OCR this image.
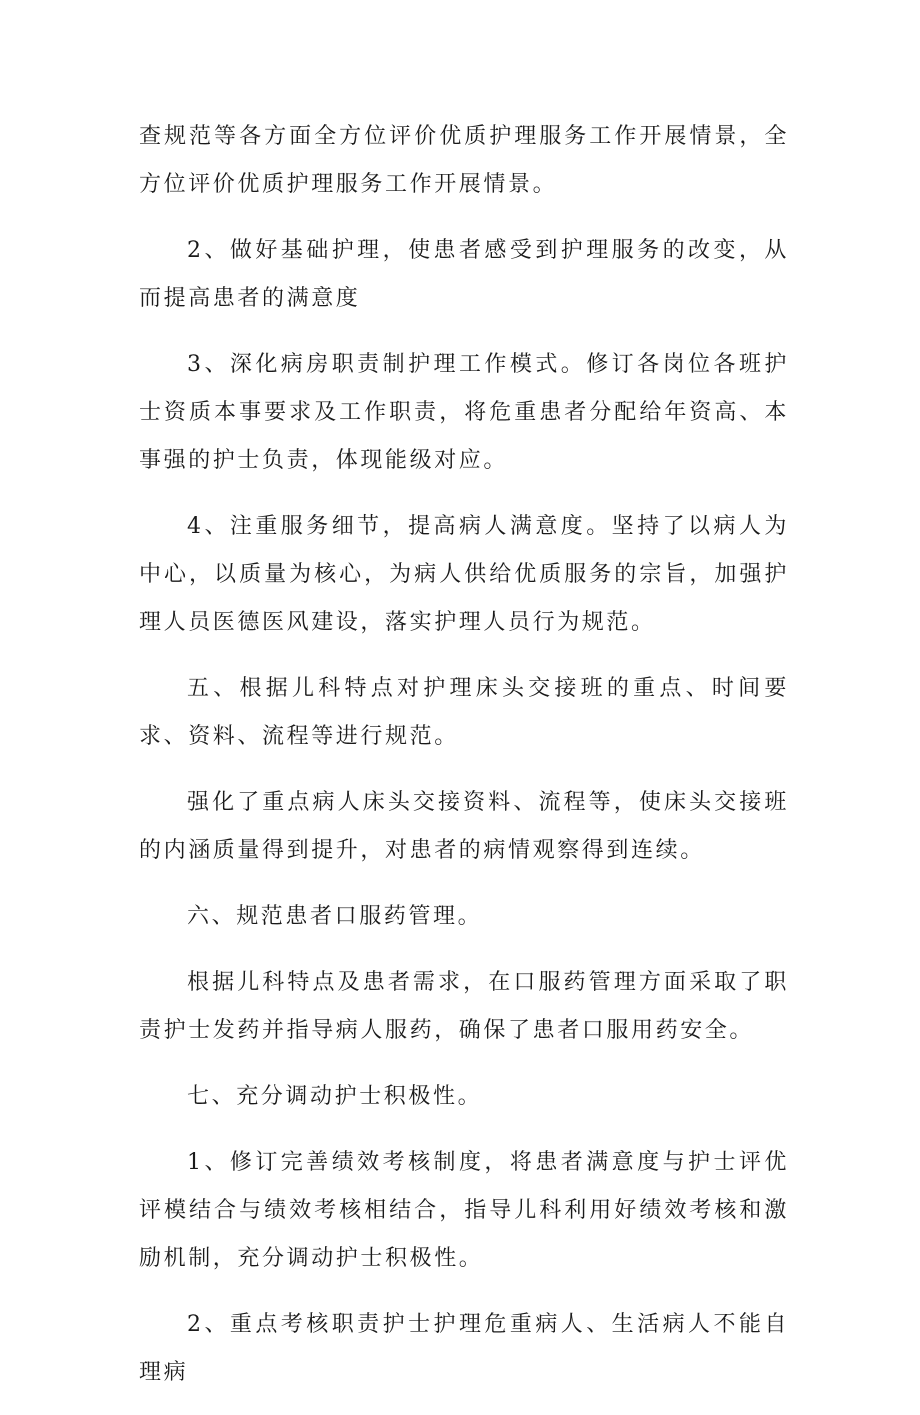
查规范等各方面全方位评价优质护理服务工作开展情景，全方位评价优质护理服务工作开展情景。

2、做好基础护理，使患者感受到护理服务的改变，从而提高患者的满意度

3、深化病房职责制护理工作模式。修订各岗位各班护士资质本事要求及工作职责，将危重患者分配给年资高、本事强的护士负责，体现能级对应。

4、注重服务细节，提高病人满意度。坚持了以病人为中心，以质量为核心，为病人供给优质服务的宗旨，加强护理人员医德医风建设，落实护理人员行为规范。

五、根据儿科特点对护理床头交接班的重点、时间要求、资料、流程等进行规范。

强化了重点病人床头交接资料、流程等，使床头交接班的内涵质量得到提升，对患者的病情观察得到连续。

六、规范患者口服药管理。

根据儿科特点及患者需求，在口服药管理方面采取了职责护士发药并指导病人服药，确保了患者口服用药安全。

七、充分调动护士积极性。

1、修订完善绩效考核制度，将患者满意度与护士评优评模结合与绩效考核相结合，指导儿科利用好绩效考核和激励机制，充分调动护士积极性。

2、重点考核职责护士护理危重病人、生活病人不能自理病
